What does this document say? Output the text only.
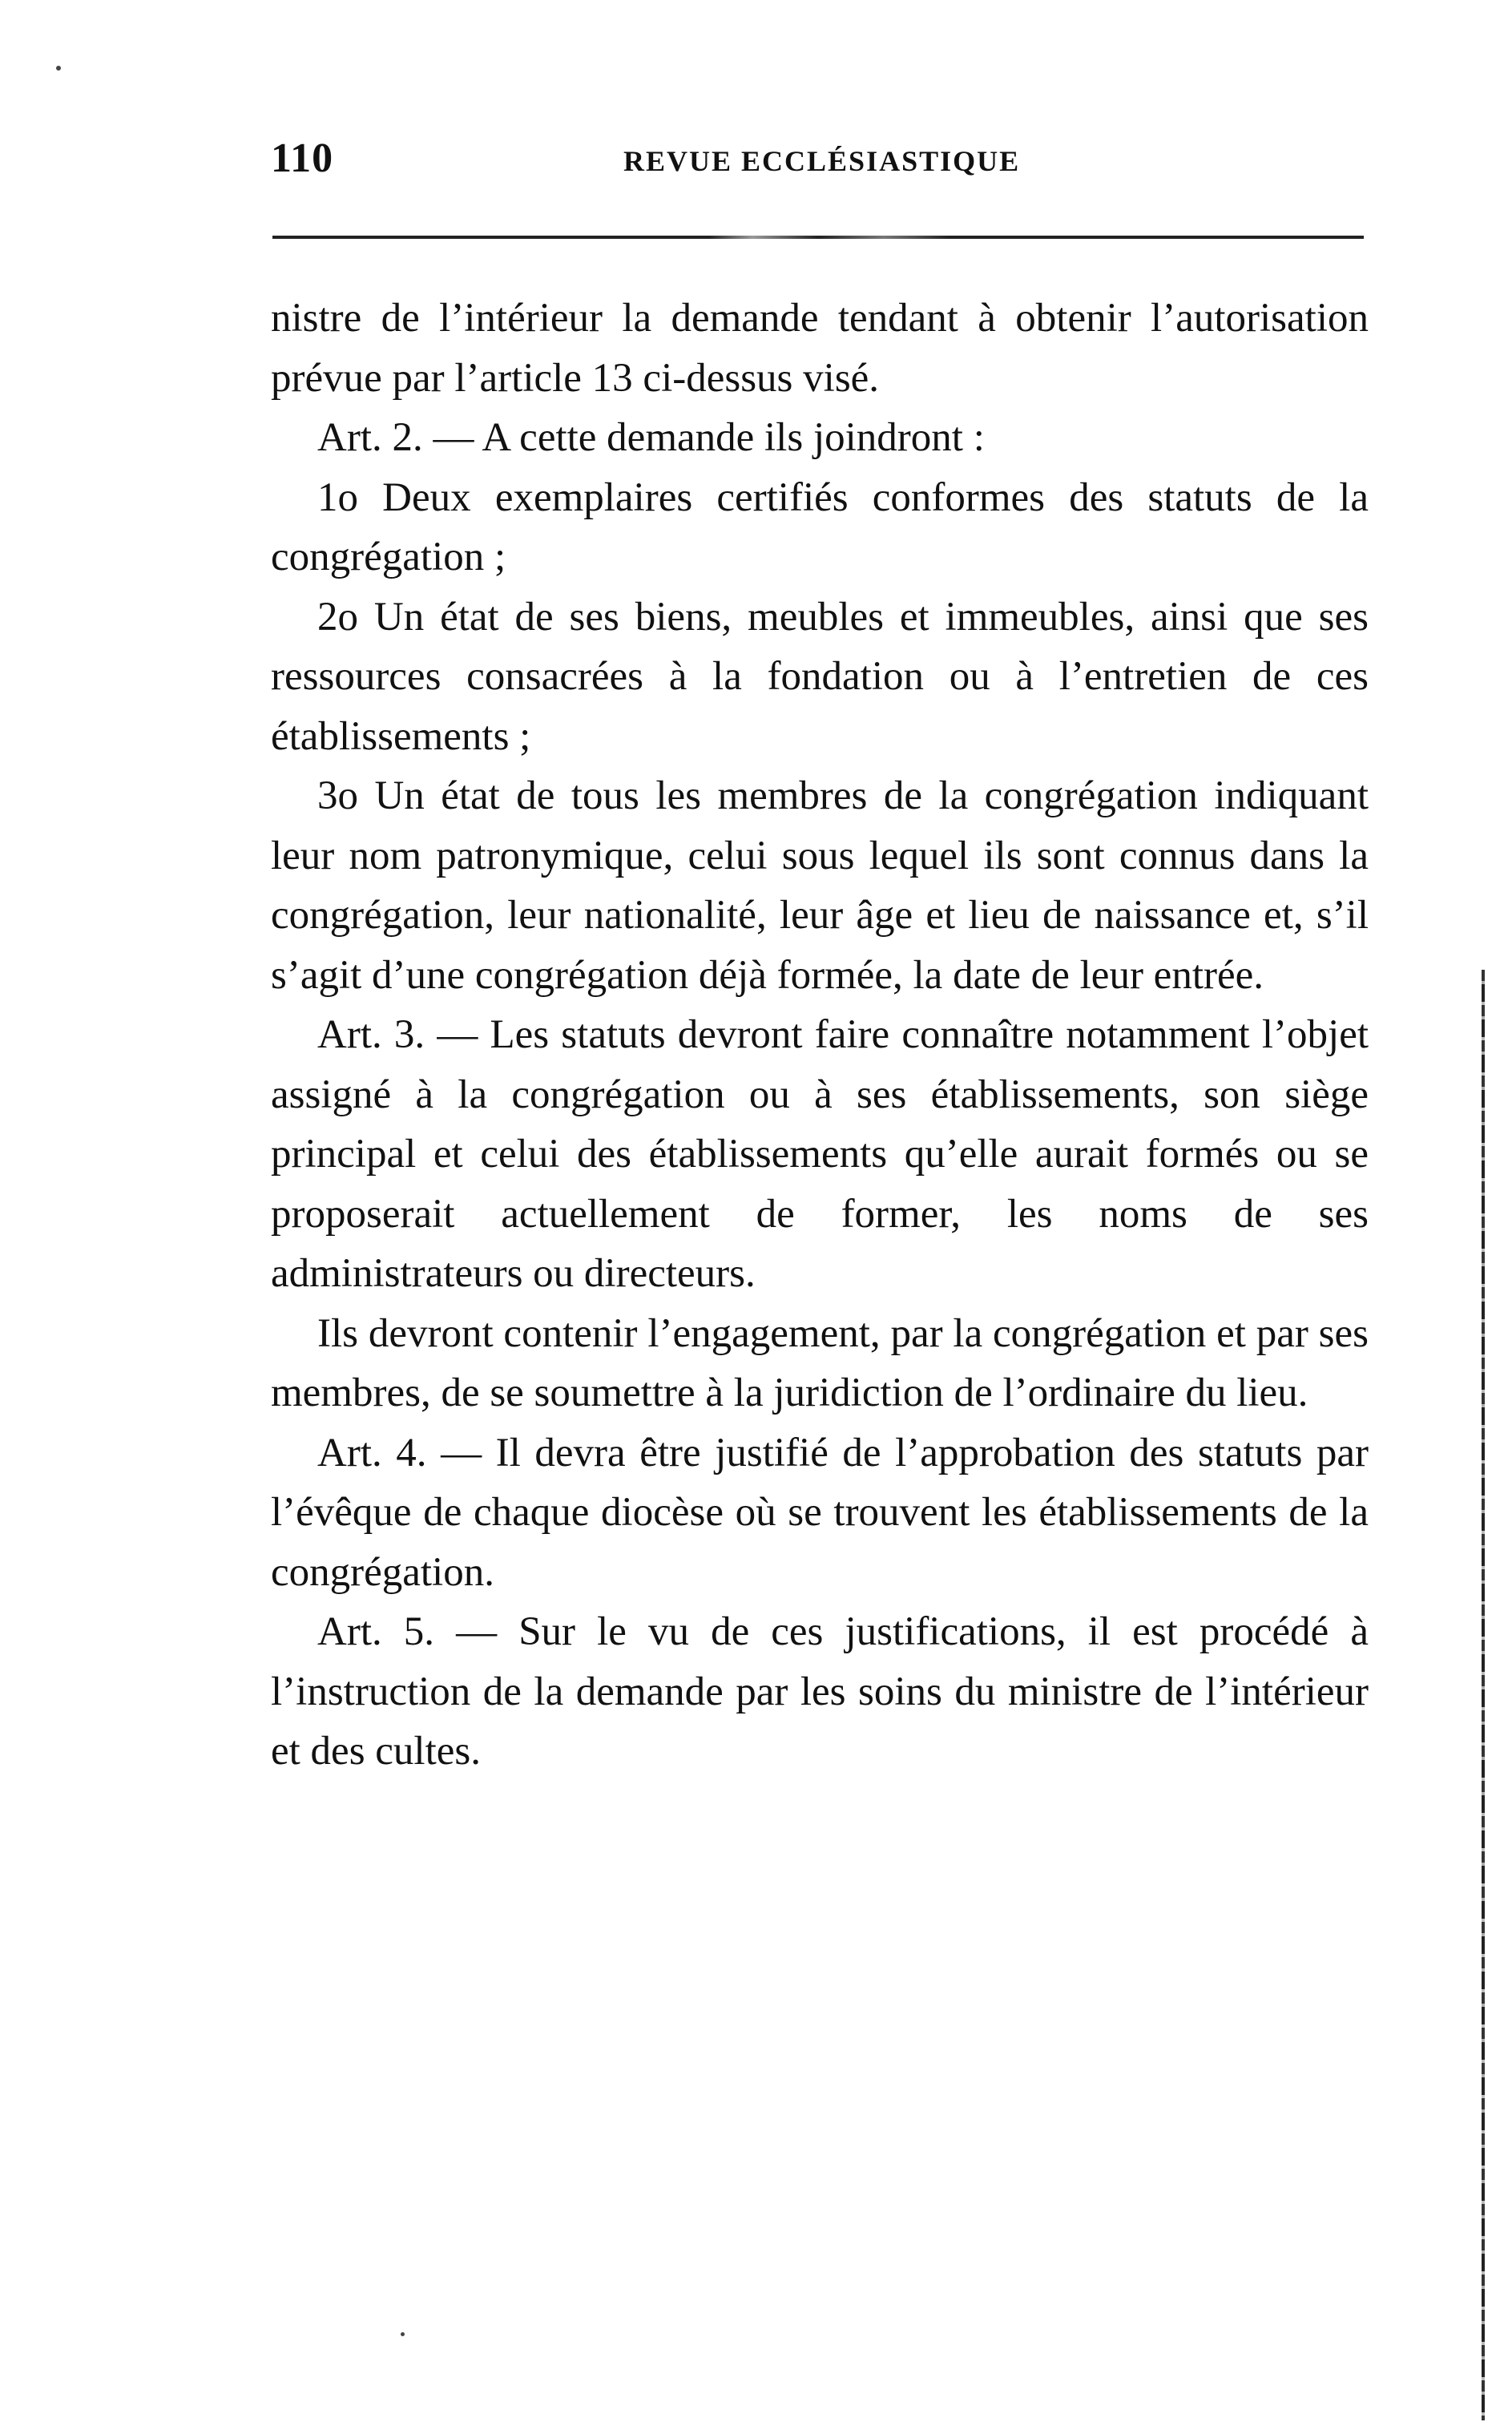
110	REVUE ECCLÉSIASTIQUE

nistre de l’intérieur la demande tendant à obtenir l’autorisation prévue par l’article 13 ci-dessus visé.

Art. 2. — A cette demande ils joindront :

1o Deux exemplaires certifiés conformes des statuts de la congrégation ;

2o Un état de ses biens, meubles et immeubles, ainsi que ses ressources consacrées à la fondation ou à l’entretien de ces établissements ;

3o Un état de tous les membres de la congrégation indiquant leur nom patronymique, celui sous lequel ils sont connus dans la congrégation, leur nationalité, leur âge et lieu de naissance et, s’il s’agit d’une congrégation déjà formée, la date de leur entrée.

Art. 3. — Les statuts devront faire connaître notamment l’objet assigné à la congrégation ou à ses établissements, son siège principal et celui des établissements qu’elle aurait formés ou se proposerait actuellement de former, les noms de ses administrateurs ou directeurs.

Ils devront contenir l’engagement, par la congrégation et par ses membres, de se soumettre à la juridiction de l’ordinaire du lieu.

Art. 4. — Il devra être justifié de l’approbation des statuts par l’évêque de chaque diocèse où se trouvent les établissements de la congrégation.

Art. 5. — Sur le vu de ces justifications, il est procédé à l’instruction de la demande par les soins du ministre de l’intérieur et des cultes.
